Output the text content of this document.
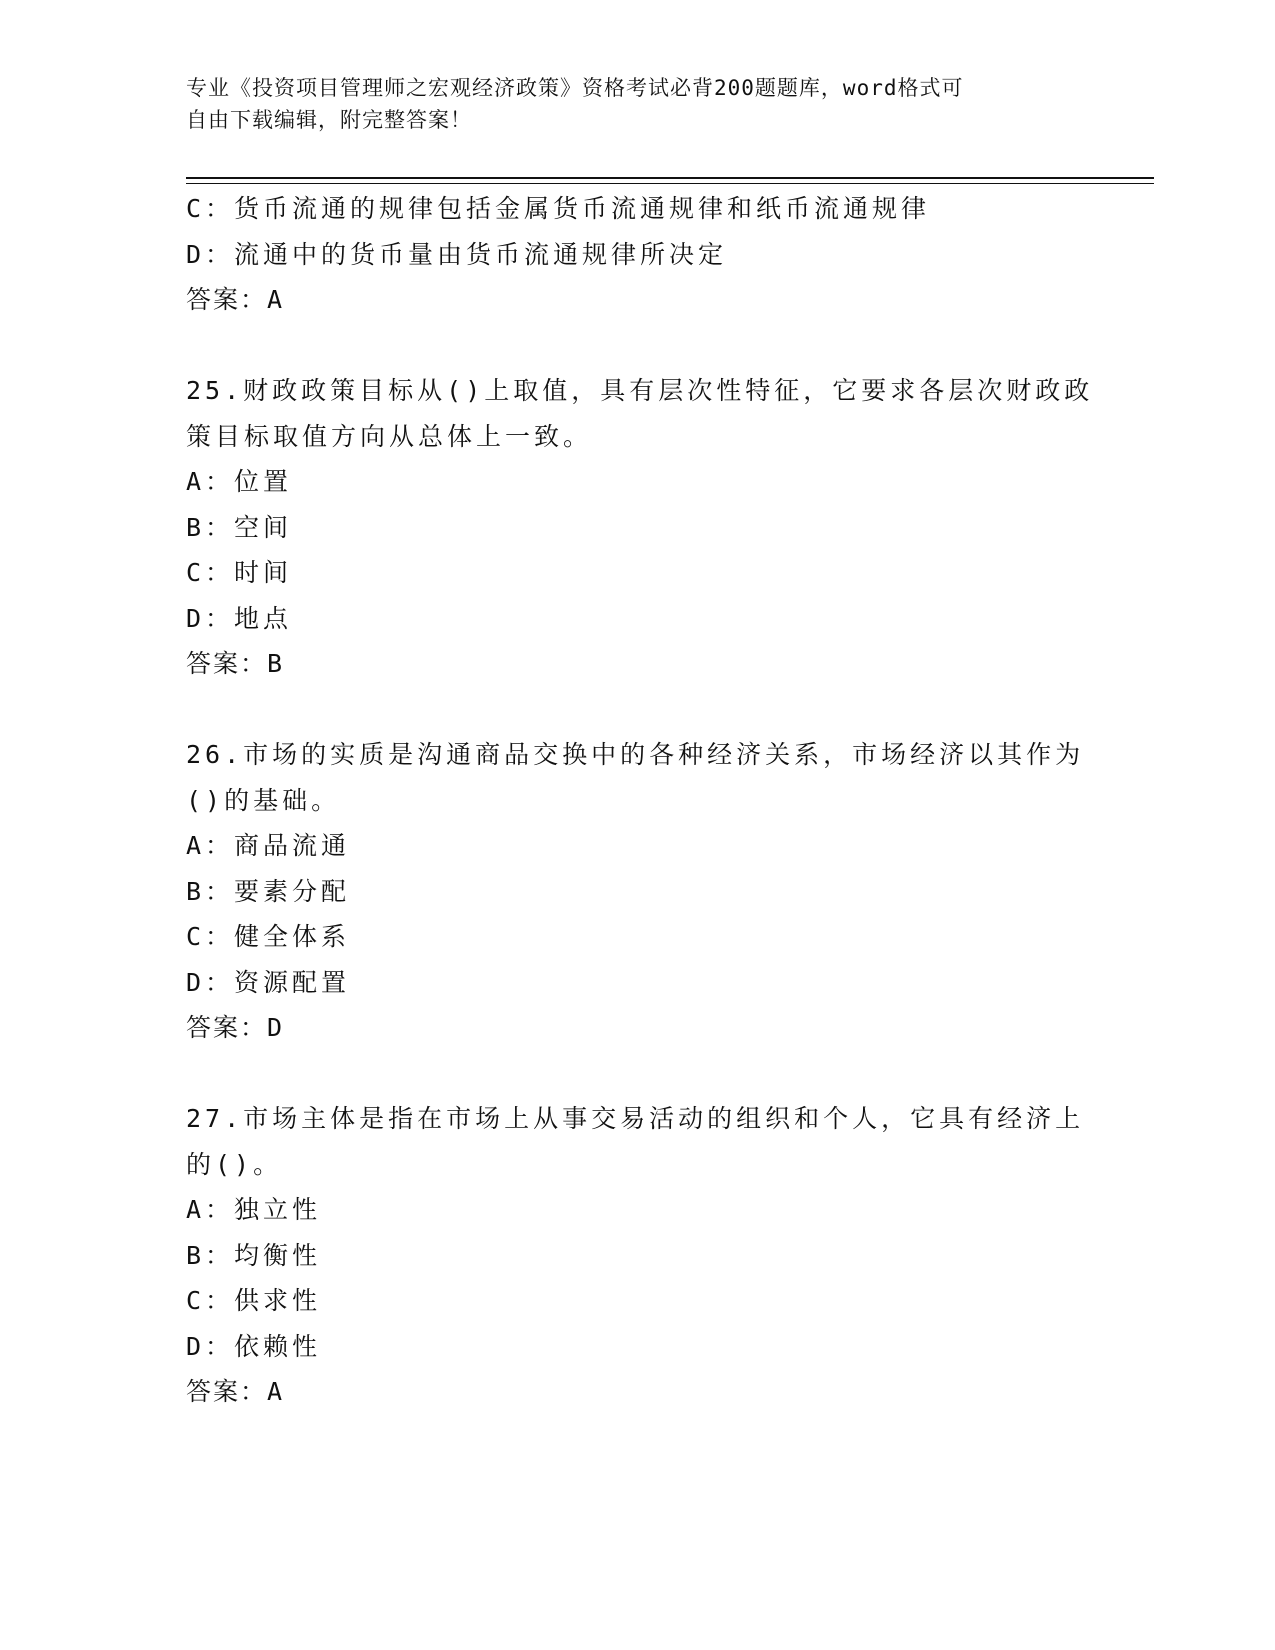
专业《投资项目管理师之宏观经济政策》资格考试必背200题题库，word格式可
自由下载编辑，附完整答案！
C：货币流通的规律包括金属货币流通规律和纸币流通规律
D：流通中的货币量由货币流通规律所决定
答案：A
25.财政政策目标从()上取值，具有层次性特征，它要求各层次财政政
策目标取值方向从总体上一致。
A：位置
B：空间
C：时间
D：地点
答案：B
26.市场的实质是沟通商品交换中的各种经济关系，市场经济以其作为
()的基础。
A：商品流通
B：要素分配
C：健全体系
D：资源配置
答案：D
27.市场主体是指在市场上从事交易活动的组织和个人，它具有经济上
的()。
A：独立性
B：均衡性
C：供求性
D：依赖性
答案：A
